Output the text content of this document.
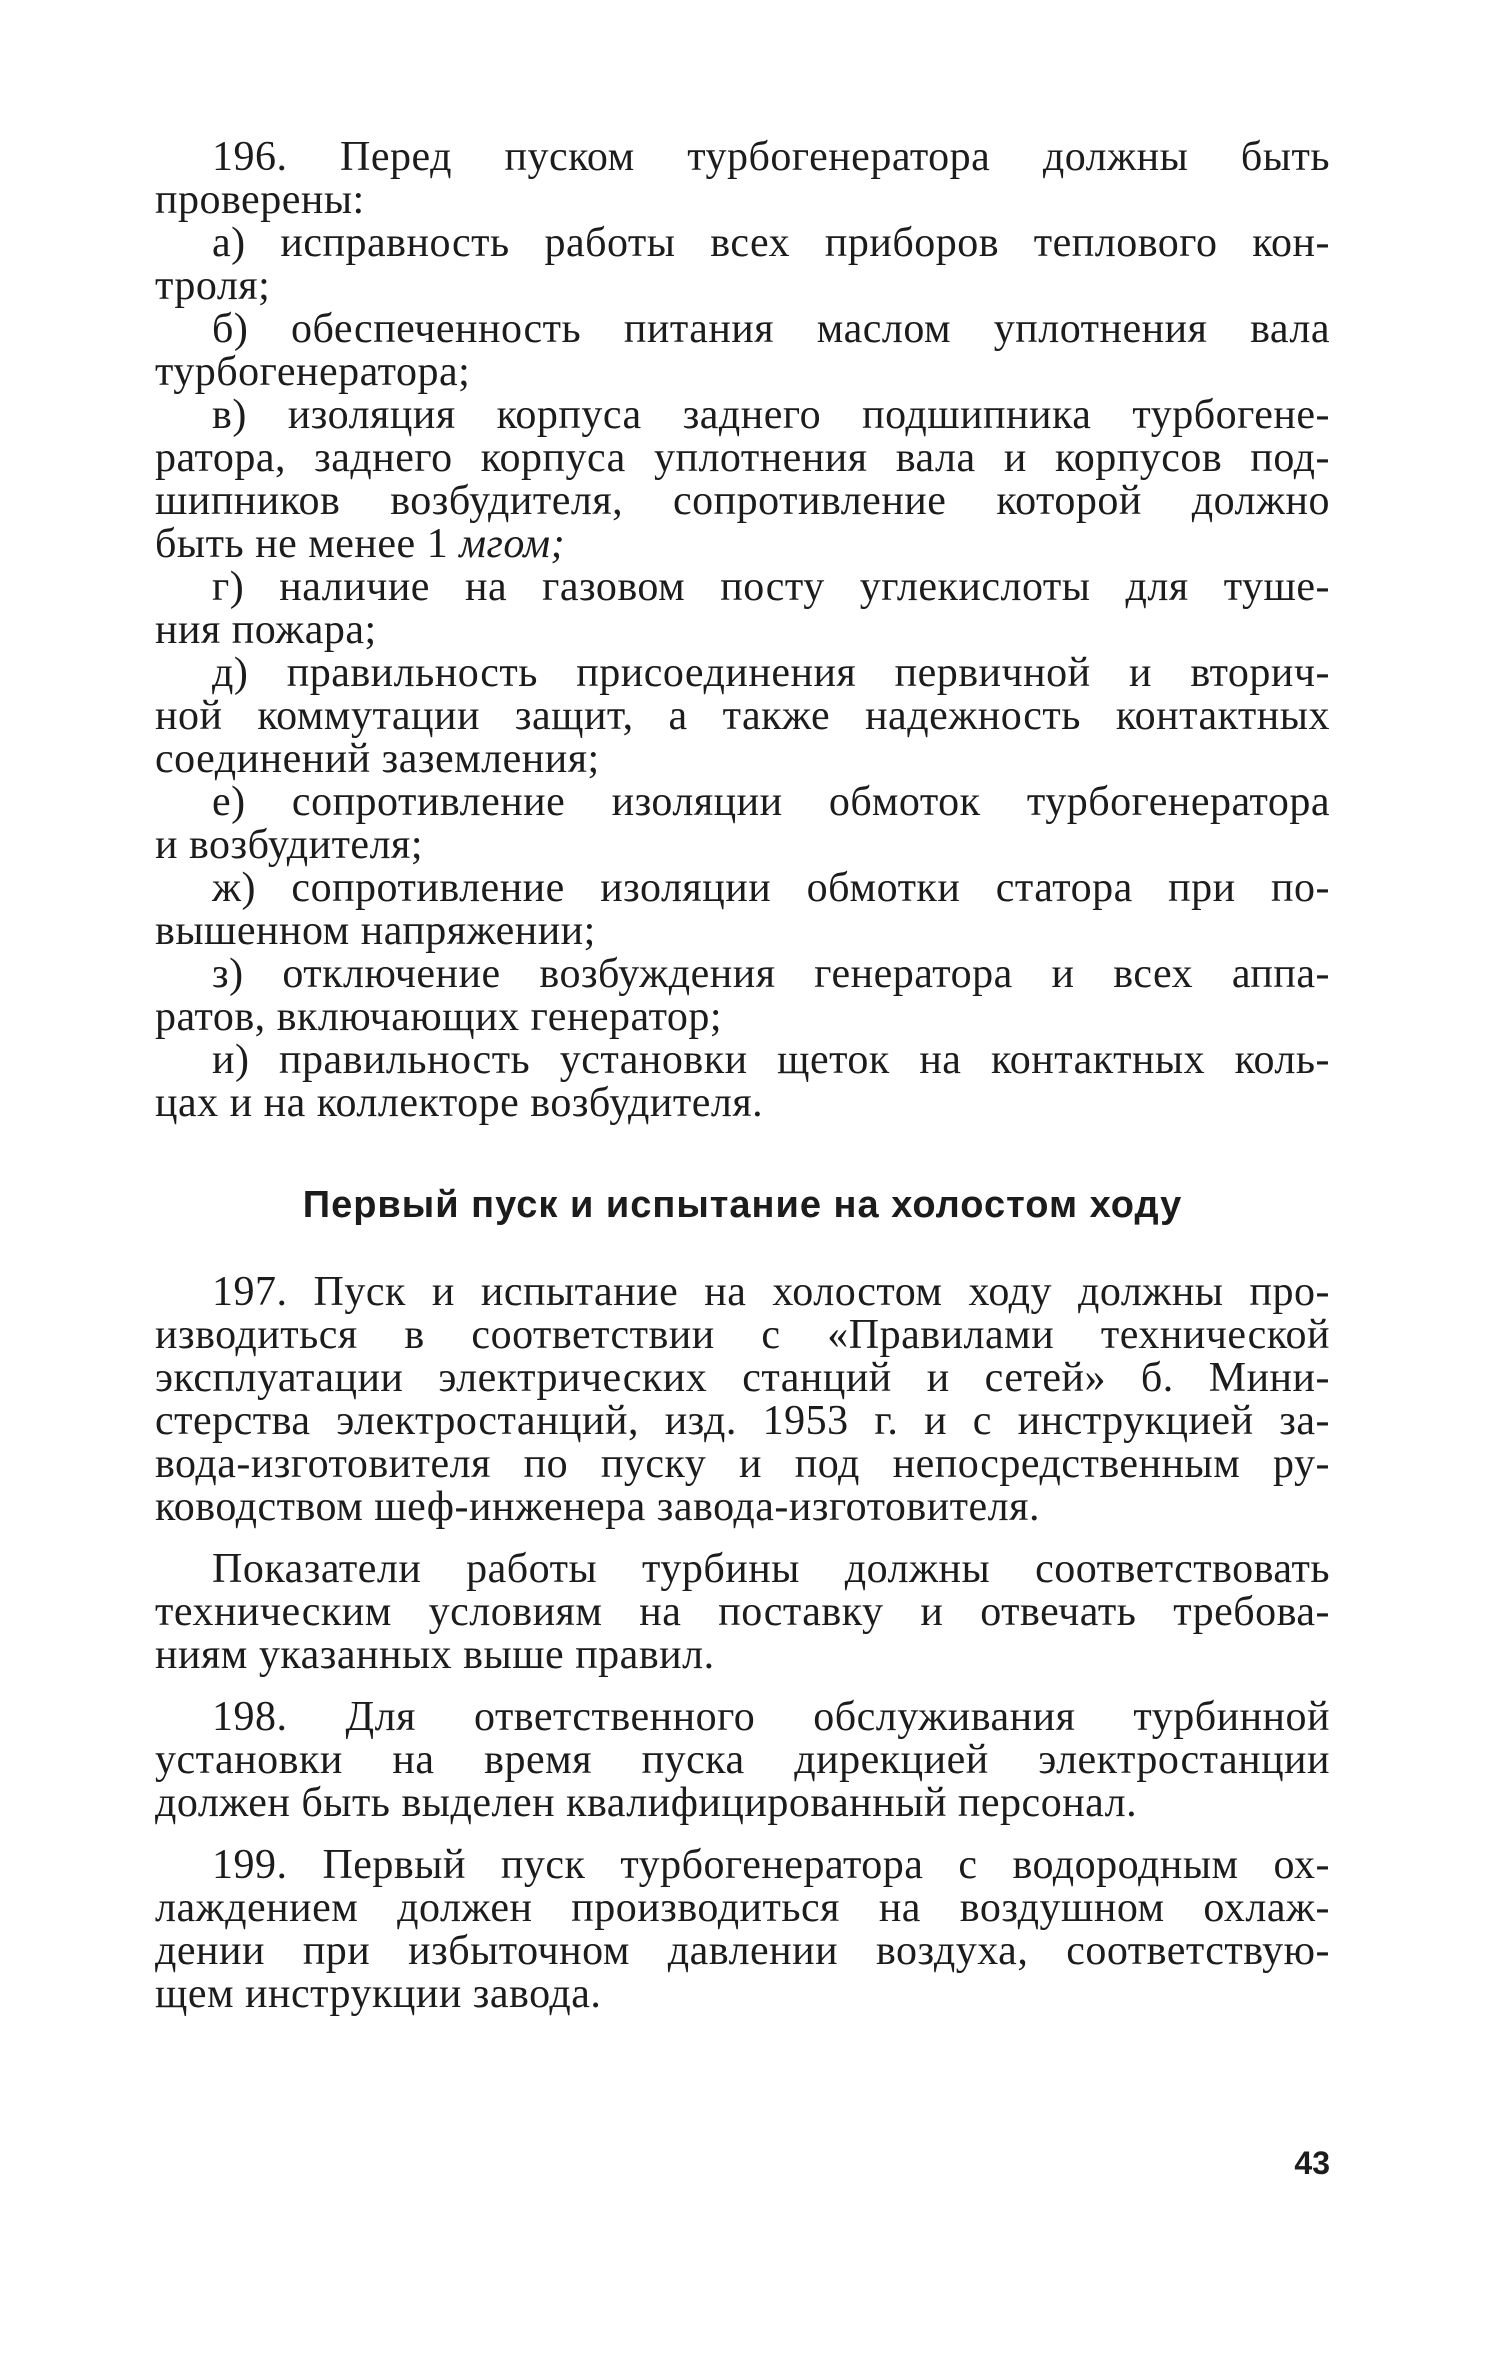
196. Перед пуском турбогенератора должны быть
проверены:
а) исправность работы всех приборов теплового кон-
троля;
б) обеспеченность питания маслом уплотнения вала
турбогенератора;
в) изоляция корпуса заднего подшипника турбогене-
ратора, заднего корпуса уплотнения вала и корпусов под-
шипников возбудителя, сопротивление которой должно
быть не менее 1 мгом;
г) наличие на газовом посту углекислоты для туше-
ния пожара;
д) правильность присоединения первичной и вторич-
ной коммутации защит, а также надежность контактных
соединений заземления;
е) сопротивление изоляции обмоток турбогенератора
и возбудителя;
ж) сопротивление изоляции обмотки статора при по-
вышенном напряжении;
з) отключение возбуждения генератора и всех аппа-
ратов, включающих генератор;
и) правильность установки щеток на контактных коль-
цах и на коллекторе возбудителя.
Первый пуск и испытание на холостом ходу
197. Пуск и испытание на холостом ходу должны про-
изводиться в соответствии с «Правилами технической
эксплуатации электрических станций и сетей» б. Мини-
стерства электростанций, изд. 1953 г. и с инструкцией за-
вода-изготовителя по пуску и под непосредственным ру-
ководством шеф-инженера завода-изготовителя.
Показатели работы турбины должны соответствовать
техническим условиям на поставку и отвечать требова-
ниям указанных выше правил.
198. Для ответственного обслуживания турбинной
установки на время пуска дирекцией электростанции
должен быть выделен квалифицированный персонал.
199. Первый пуск турбогенератора с водородным ох-
лаждением должен производиться на воздушном охлаж-
дении при избыточном давлении воздуха, соответствую-
щем инструкции завода.
43
